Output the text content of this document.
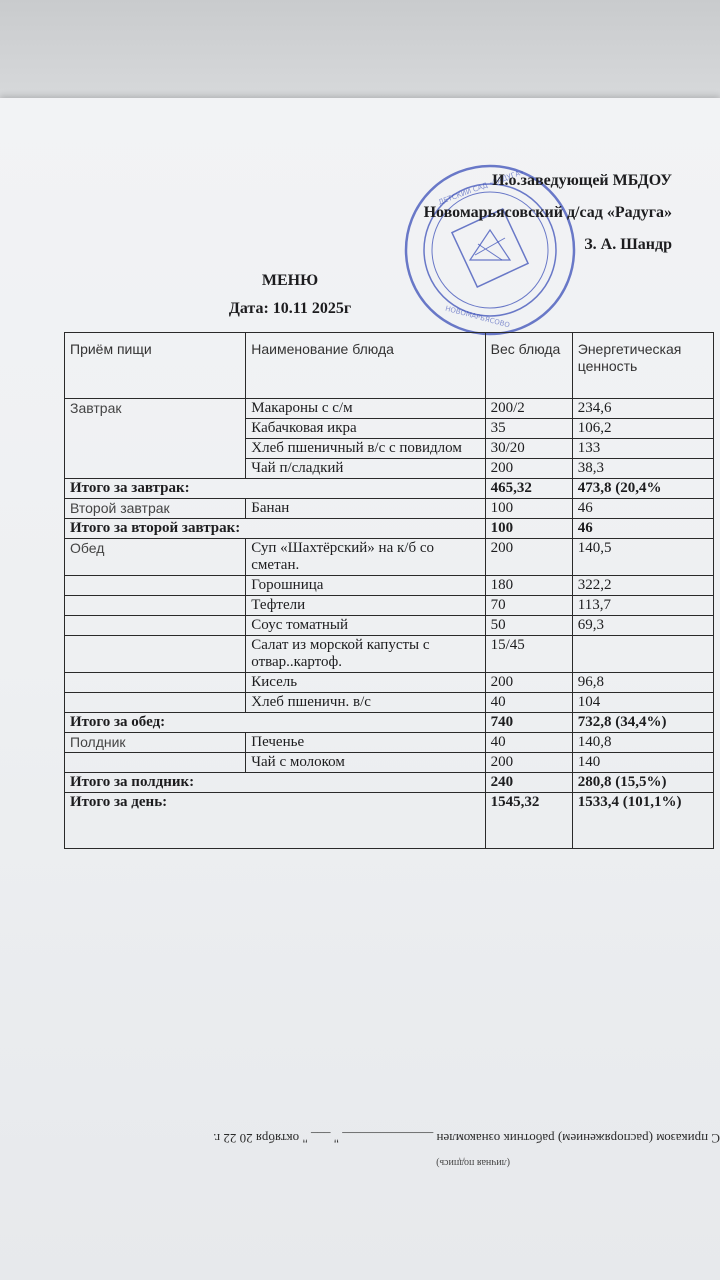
ДЕТСКИЙ САД «РАДУГА»
НОВОМАРЬЯСОВО
И.о.заведующей МБДОУ
Новомарьясовский д/сад «Радуга»
З. А. Шандр
МЕНЮ
Дата: 10.11 2025г
Приём пищи	Наименование блюда	Вес блюда	Энергетическая ценность
Завтрак	Макароны с с/м	200/2	234,6
	Кабачковая икра	35	106,2
	Хлеб пшеничный в/с с повидлом	30/20	133
	Чай п/сладкий	200	38,3
Итого за завтрак:		465,32	473,8 (20,4%
Второй завтрак	Банан	100	46
Итого за второй завтрак:		100	46
Обед	Суп «Шахтёрский» на к/б со сметан.	200	140,5
	Горошница	180	322,2
	Тефтели	70	113,7
	Соус томатный	50	69,3
	Салат из морской капусты с отвар..картоф.	15/45	
	Кисель	200	96,8
	Хлеб пшеничн. в/с	40	104
Итого за обед:		740	732,8 (34,4%)
Полдник	Печенье	40	140,8
	Чай с молоком	200	140
Итого за полдник:		240	280,8 (15,5%)
Итого за день:		1545,32	1533,4 (101,1%)
С приказом (распоряжением) работник ознакомлен ______________ " ___ " октября 20 22 г.
(личная подпись)
